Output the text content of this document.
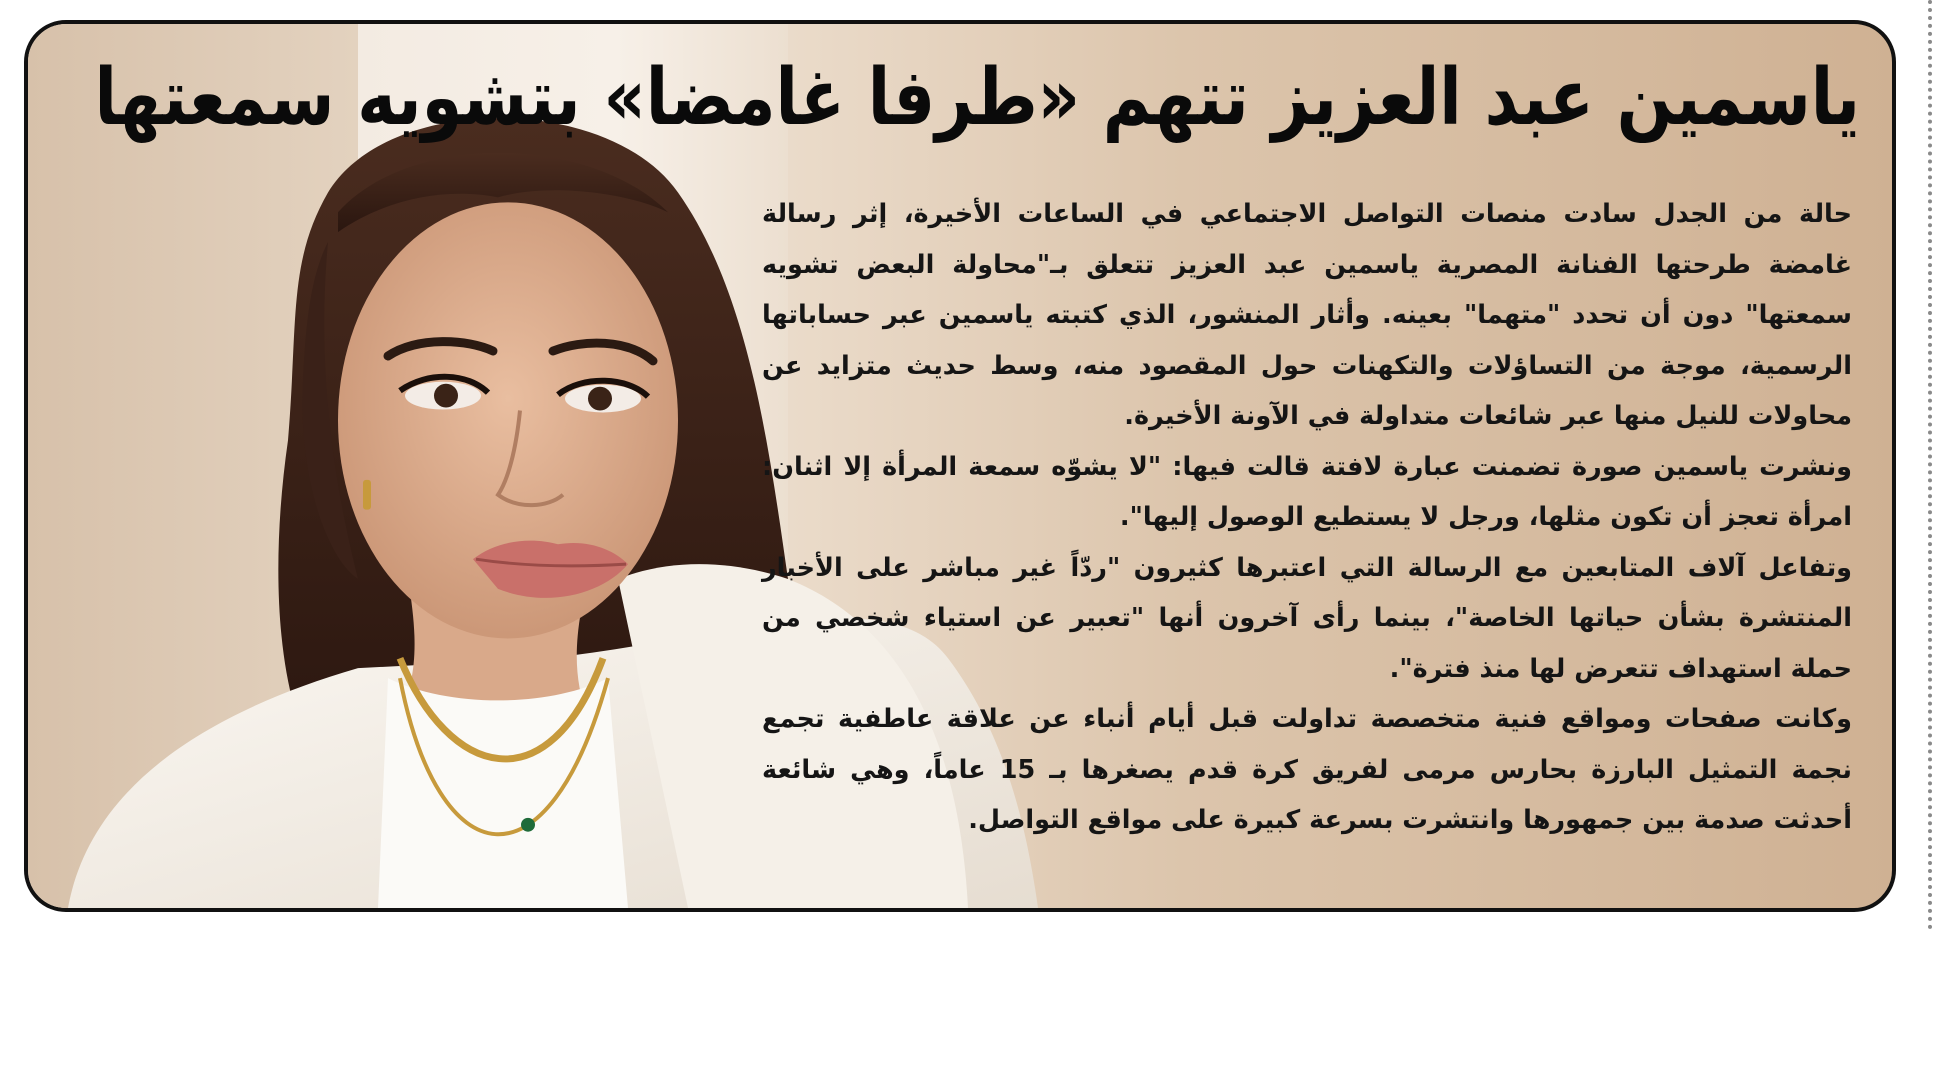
ياسمين عبد العزيز تتهم «طرفا غامضا» بتشويه سمعتها

حالة من الجدل سادت منصات التواصل الاجتماعي في الساعات الأخيرة، إثر رسالة غامضة طرحتها الفنانة المصرية ياسمين عبد العزيز تتعلق بـ"محاولة البعض تشويه سمعتها" دون أن تحدد "متهما" بعينه. وأثار المنشور، الذي كتبته ياسمين عبر حساباتها الرسمية، موجة من التساؤلات والتكهنات حول المقصود منه، وسط حديث متزايد عن محاولات للنيل منها عبر شائعات متداولة في الآونة الأخيرة.

ونشرت ياسمين صورة تضمنت عبارة لافتة قالت فيها: "لا يشوّه سمعة المرأة إلا اثنان: امرأة تعجز أن تكون مثلها، ورجل لا يستطيع الوصول إليها".

وتفاعل آلاف المتابعين مع الرسالة التي اعتبرها كثيرون "ردّاً غير مباشر على الأخبار المنتشرة بشأن حياتها الخاصة"، بينما رأى آخرون أنها "تعبير عن استياء شخصي من حملة استهداف تتعرض لها منذ فترة".

وكانت صفحات ومواقع فنية متخصصة تداولت قبل أيام أنباء عن علاقة عاطفية تجمع نجمة التمثيل البارزة بحارس مرمى لفريق كرة قدم يصغرها بـ 15 عاماً، وهي شائعة أحدثت صدمة بين جمهورها وانتشرت بسرعة كبيرة على مواقع التواصل.
